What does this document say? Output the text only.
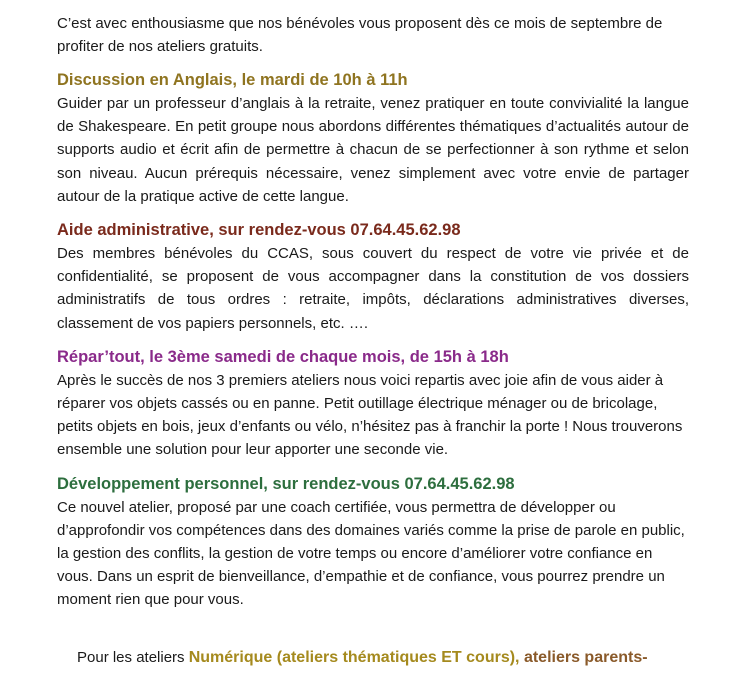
C’est avec enthousiasme que nos bénévoles vous proposent dès ce mois de septembre de profiter de nos ateliers gratuits.

Discussion en Anglais, le mardi de 10h à 11h

Guider par un professeur d’anglais à la retraite, venez pratiquer en toute convivialité la langue de Shakespeare. En petit groupe nous abordons différentes thématiques d’actualités autour de supports audio et écrit afin de permettre à chacun de se perfectionner à son rythme et selon son niveau. Aucun prérequis nécessaire, venez simplement avec votre envie de partager autour de la pratique active de cette langue.

Aide administrative, sur rendez-vous 07.64.45.62.98

Des membres bénévoles du CCAS, sous couvert du respect de votre vie privée et de confidentialité, se proposent de vous accompagner dans la constitution de vos dossiers administratifs de tous ordres : retraite, impôts, déclarations administratives diverses, classement de vos papiers personnels, etc. ….

Répar’tout, le 3ème samedi de chaque mois, de 15h à 18h

Après le succès de nos 3 premiers ateliers nous voici repartis avec joie afin de vous aider à réparer vos objets cassés ou en panne. Petit outillage électrique ménager ou de bricolage, petits objets en bois, jeux d’enfants ou vélo, n’hésitez pas à franchir la porte ! Nous trouverons ensemble une solution pour leur apporter une seconde vie.

Développement personnel, sur rendez-vous 07.64.45.62.98

Ce nouvel atelier, proposé par une coach certifiée, vous permettra de développer ou d’approfondir vos compétences dans des domaines variés comme la prise de parole en public, la gestion des conflits, la gestion de votre temps ou encore d’améliorer votre confiance en vous. Dans un esprit de bienveillance, d’empathie et de confiance, vous pourrez prendre un moment rien que pour vous.

Pour les ateliers Numérique (ateliers thématiques ET cours), ateliers parents-
